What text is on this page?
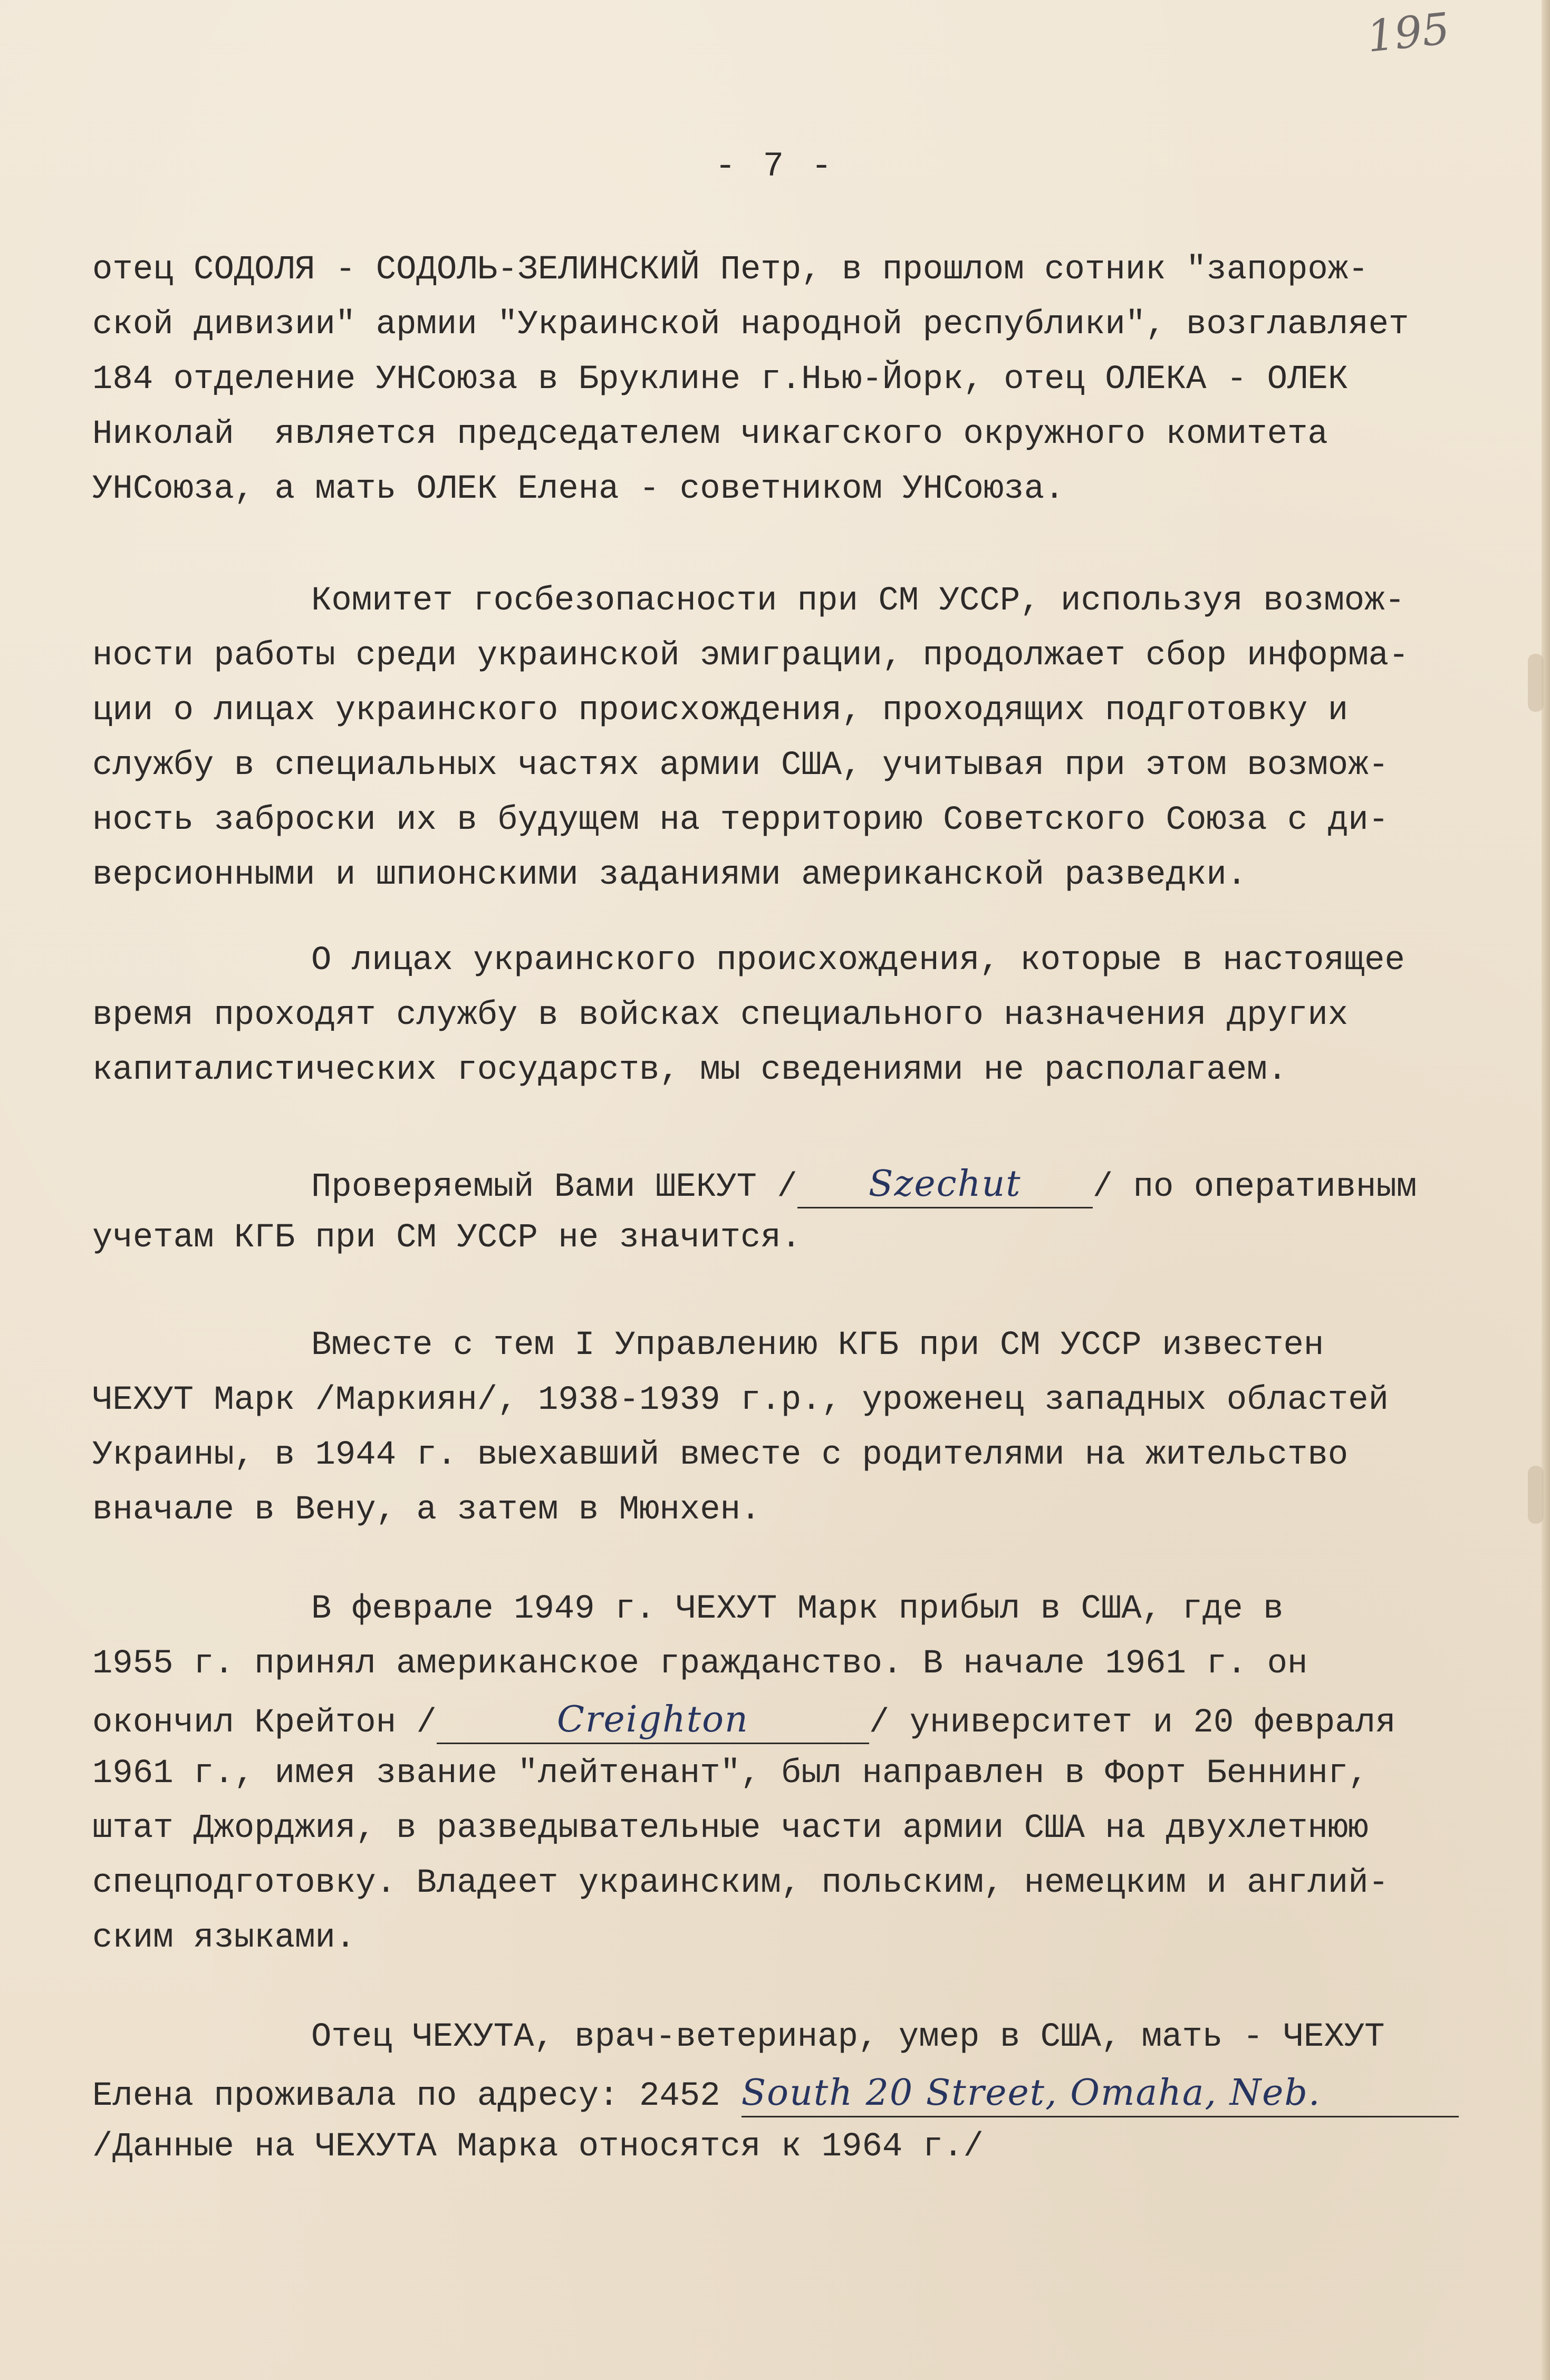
195
- 7 -
отец СОДОЛЯ - СОДОЛЬ-ЗЕЛИНСКИЙ Петр, в прошлом сотник "запорож-
ской дивизии" армии "Украинской народной республики", возглавляет
184 отделение УНСоюза в Бруклине г.Нью-Йорк, отец ОЛЕКА - ОЛЕК
Николай  является председателем чикагского окружного комитета
УНСоюза, а мать ОЛЕК Елена - советником УНСоюза.
Комитет госбезопасности при СМ УССР, используя возмож-
ности работы среди украинской эмиграции, продолжает сбор информа-
ции о лицах украинского происхождения, проходящих подготовку и
службу в специальных частях армии США, учитывая при этом возмож-
ность заброски их в будущем на территорию Советского Союза с ди-
версионными и шпионскими заданиями американской разведки.
О лицах украинского происхождения, которые в настоящее
время проходят службу в войсках специального назначения других
капиталистических государств, мы сведениями не располагаем.
Проверяемый Вами ШЕКУТ / Szechut / по оперативным
учетам КГБ при СМ УССР не значится.
Вместе с тем I Управлению КГБ при СМ УССР известен
ЧЕХУТ Марк /Маркиян/, 1938-1939 г.р., уроженец западных областей
Украины, в 1944 г. выехавший вместе с родителями на жительство
вначале в Вену, а затем в Мюнхен.
В феврале 1949 г. ЧЕХУТ Марк прибыл в США, где в
1955 г. принял американское гражданство. В начале 1961 г. он
окончил Крейтон /	Creighton	/ университет и 20 февраля
1961 г., имея звание "лейтенант", был направлен в Форт Беннинг,
штат Джорджия, в разведывательные части армии США на двухлетнюю
спецподготовку. Владеет украинским, польским, немецким и англий-
ским языками.
Отец ЧЕХУТА, врач-ветеринар, умер в США, мать - ЧЕХУТ
Елена проживала по адресу: 2452 South 20 Street, Omaha, Neb.
/Данные на ЧЕХУТА Марка относятся к 1964 г./
